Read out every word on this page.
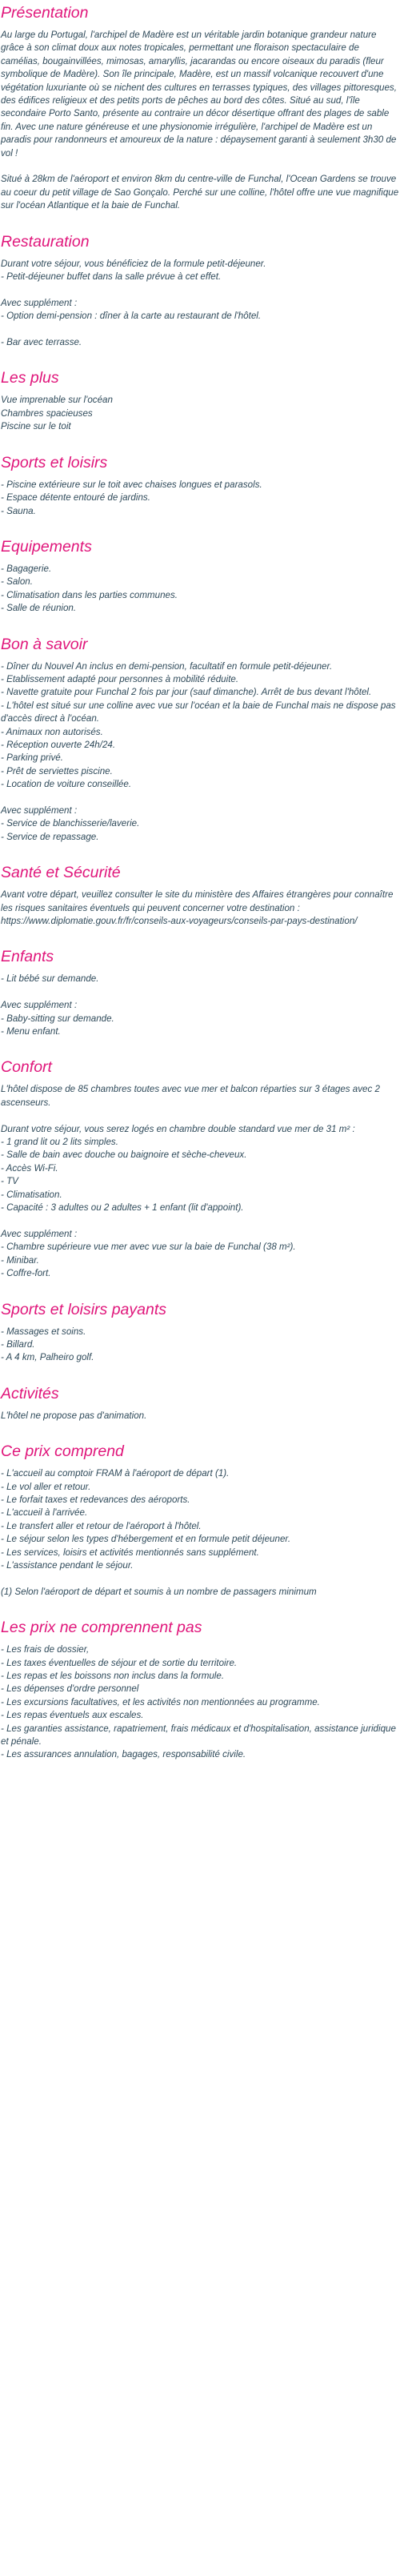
Présentation
Au large du Portugal, l'archipel de Madère est un véritable jardin botanique grandeur nature grâce à son climat doux aux notes tropicales, permettant une floraison spectaculaire de camélias, bougainvillées, mimosas, amaryllis, jacarandas ou encore oiseaux du paradis (fleur symbolique de Madère). Son île principale, Madère, est un massif volcanique recouvert d'une végétation luxuriante où se nichent des cultures en terrasses typiques, des villages pittoresques, des édifices religieux et des petits ports de pêches au bord des côtes. Situé au sud, l'île secondaire Porto Santo, présente au contraire un décor désertique offrant des plages de sable fin. Avec une nature généreuse et une physionomie irrégulière, l'archipel de Madère est un paradis pour randonneurs et amoureux de la nature : dépaysement garanti à seulement 3h30 de vol !
Situé à 28km de l'aéroport et environ 8km du centre-ville de Funchal, l'Ocean Gardens se trouve au coeur du petit village de Sao Gonçalo. Perché sur une colline, l'hôtel offre une vue magnifique sur l'océan Atlantique et la baie de Funchal.
Restauration
Durant votre séjour, vous bénéficiez de la formule petit-déjeuner.
- Petit-déjeuner buffet dans la salle prévue à cet effet.
Avec supplément :
- Option demi-pension : dîner à la carte au restaurant de l'hôtel.
- Bar avec terrasse.
Les plus
Vue imprenable sur l'océan
Chambres spacieuses
Piscine sur le toit
Sports et loisirs
- Piscine extérieure sur le toit avec chaises longues et parasols.
- Espace détente entouré de jardins.
- Sauna.
Equipements
- Bagagerie.
- Salon.
- Climatisation dans les parties communes.
- Salle de réunion.
Bon à savoir
- Dîner du Nouvel An inclus en demi-pension, facultatif en formule petit-déjeuner.
- Etablissement adapté pour personnes à mobilité réduite.
- Navette gratuite pour Funchal 2 fois par jour (sauf dimanche). Arrêt de bus devant l'hôtel.
- L'hôtel est situé sur une colline avec vue sur l'océan et la baie de Funchal mais ne dispose pas d'accès direct à l'océan.
- Animaux non autorisés.
- Réception ouverte 24h/24.
- Parking privé.
- Prêt de serviettes piscine.
- Location de voiture conseillée.
Avec supplément :
- Service de blanchisserie/laverie.
- Service de repassage.
Santé et Sécurité
Avant votre départ, veuillez consulter le site du ministère des Affaires étrangères pour connaître les risques sanitaires éventuels qui peuvent concerner votre destination : https://www.diplomatie.gouv.fr/fr/conseils-aux-voyageurs/conseils-par-pays-destination/
Enfants
- Lit bébé sur demande.
Avec supplément :
- Baby-sitting sur demande.
- Menu enfant.
Confort
L'hôtel dispose de 85 chambres toutes avec vue mer et balcon réparties sur 3 étages avec 2 ascenseurs.
Durant votre séjour, vous serez logés en chambre double standard vue mer de 31 m² :
- 1 grand lit ou 2 lits simples.
- Salle de bain avec douche ou baignoire et sèche-cheveux.
- Accès Wi-Fi.
- TV
- Climatisation.
- Capacité : 3 adultes ou 2 adultes + 1 enfant (lit d'appoint).
Avec supplément :
- Chambre supérieure vue mer avec vue sur la baie de Funchal (38 m²).
- Minibar.
- Coffre-fort.
Sports et loisirs payants
- Massages et soins.
- Billard.
- A 4 km, Palheiro golf.
Activités
L'hôtel ne propose pas d'animation.
Ce prix comprend
- L'accueil au comptoir FRAM à l'aéroport de départ (1).
- Le vol aller et retour.
- Le forfait taxes et redevances des aéroports.
- L'accueil à l'arrivée.
- Le transfert aller et retour de l'aéroport à l'hôtel.
- Le séjour selon les types d'hébergement et en formule petit déjeuner.
- Les services, loisirs et activités mentionnés sans supplément.
- L'assistance pendant le séjour.
(1) Selon l'aéroport de départ et soumis à un nombre de passagers minimum
Les prix ne comprennent pas
- Les frais de dossier,
- Les taxes éventuelles de séjour et de sortie du territoire.
- Les repas et les boissons non inclus dans la formule.
- Les dépenses d'ordre personnel
- Les excursions facultatives, et les activités non mentionnées au programme.
- Les repas éventuels aux escales.
- Les garanties assistance, rapatriement, frais médicaux et d'hospitalisation, assistance juridique et pénale.
- Les assurances annulation, bagages, responsabilité civile.
